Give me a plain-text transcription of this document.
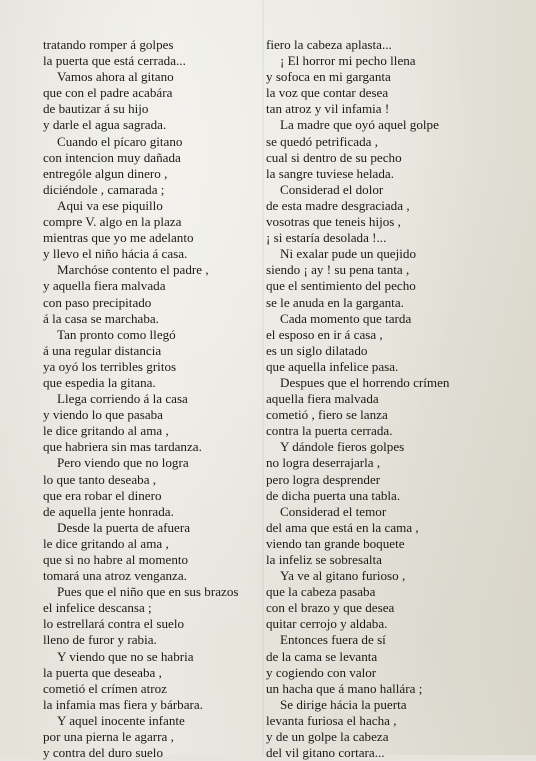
tratando romper á golpes
la puerta que está cerrada...
Vamos ahora al gitano
que con el padre acabára
de bautizar á su hijo
y darle el agua sagrada.
Cuando el pícaro gitano
con intencion muy dañada
entrególe algun dinero ,
diciéndole , camarada ;
Aqui va ese piquillo
compre V. algo en la plaza
mientras que yo me adelanto
y llevo el niño hácia á casa.
Marchóse contento el padre ,
y aquella fiera malvada
con paso precipitado
á la casa se marchaba.
Tan pronto como llegó
á una regular distancia
ya oyó los terribles gritos
que espedia la gitana.
Llega corriendo á la casa
y viendo lo que pasaba
le dice gritando al ama ,
que habriera sin mas tardanza.
Pero viendo que no logra
lo que tanto deseaba ,
que era robar el dinero
de aquella jente honrada.
Desde la puerta de afuera
le dice gritando al ama ,
que si no habre al momento
tomará una atroz venganza.
Pues que el niño que en sus brazos
el infelice descansa ;
lo estrellará contra el suelo
lleno de furor y rabia.
Y viendo que no se habria
la puerta que deseaba ,
cometió el crímen atroz
la infamia mas fiera y bárbara.
Y aquel inocente infante
por una pierna le agarra ,
y contra del duro suelo
fiero la cabeza aplasta...
¡ El horror mi pecho llena
y sofoca en mi garganta
la voz que contar desea
tan atroz y vil infamia !
La madre que oyó aquel golpe
se quedó petrificada ,
cual si dentro de su pecho
la sangre tuviese helada.
Considerad el dolor
de esta madre desgraciada ,
vosotras que teneis hijos ,
¡ si estaría desolada !...
Ni exalar pude un quejido
siendo ¡ ay ! su pena tanta ,
que el sentimiento del pecho
se le anuda en la garganta.
Cada momento que tarda
el esposo en ir á casa ,
es un siglo dilatado
que aquella infelice pasa.
Despues que el horrendo crímen
aquella fiera malvada
cometió , fiero se lanza
contra la puerta cerrada.
Y dándole fieros golpes
no logra deserrajarla ,
pero logra desprender
de dicha puerta una tabla.
Considerad el temor
del ama que está en la cama ,
viendo tan grande boquete
la infeliz se sobresalta
Ya ve al gitano furioso ,
que la cabeza pasaba
con el brazo y que desea
quitar cerrojo y aldaba.
Entonces fuera de sí
de la cama se levanta
y cogiendo con valor
un hacha que á mano hallára ;
Se dirige hácia la puerta
levanta furiosa el hacha ,
y de un golpe la cabeza
del vil gitano cortara...
